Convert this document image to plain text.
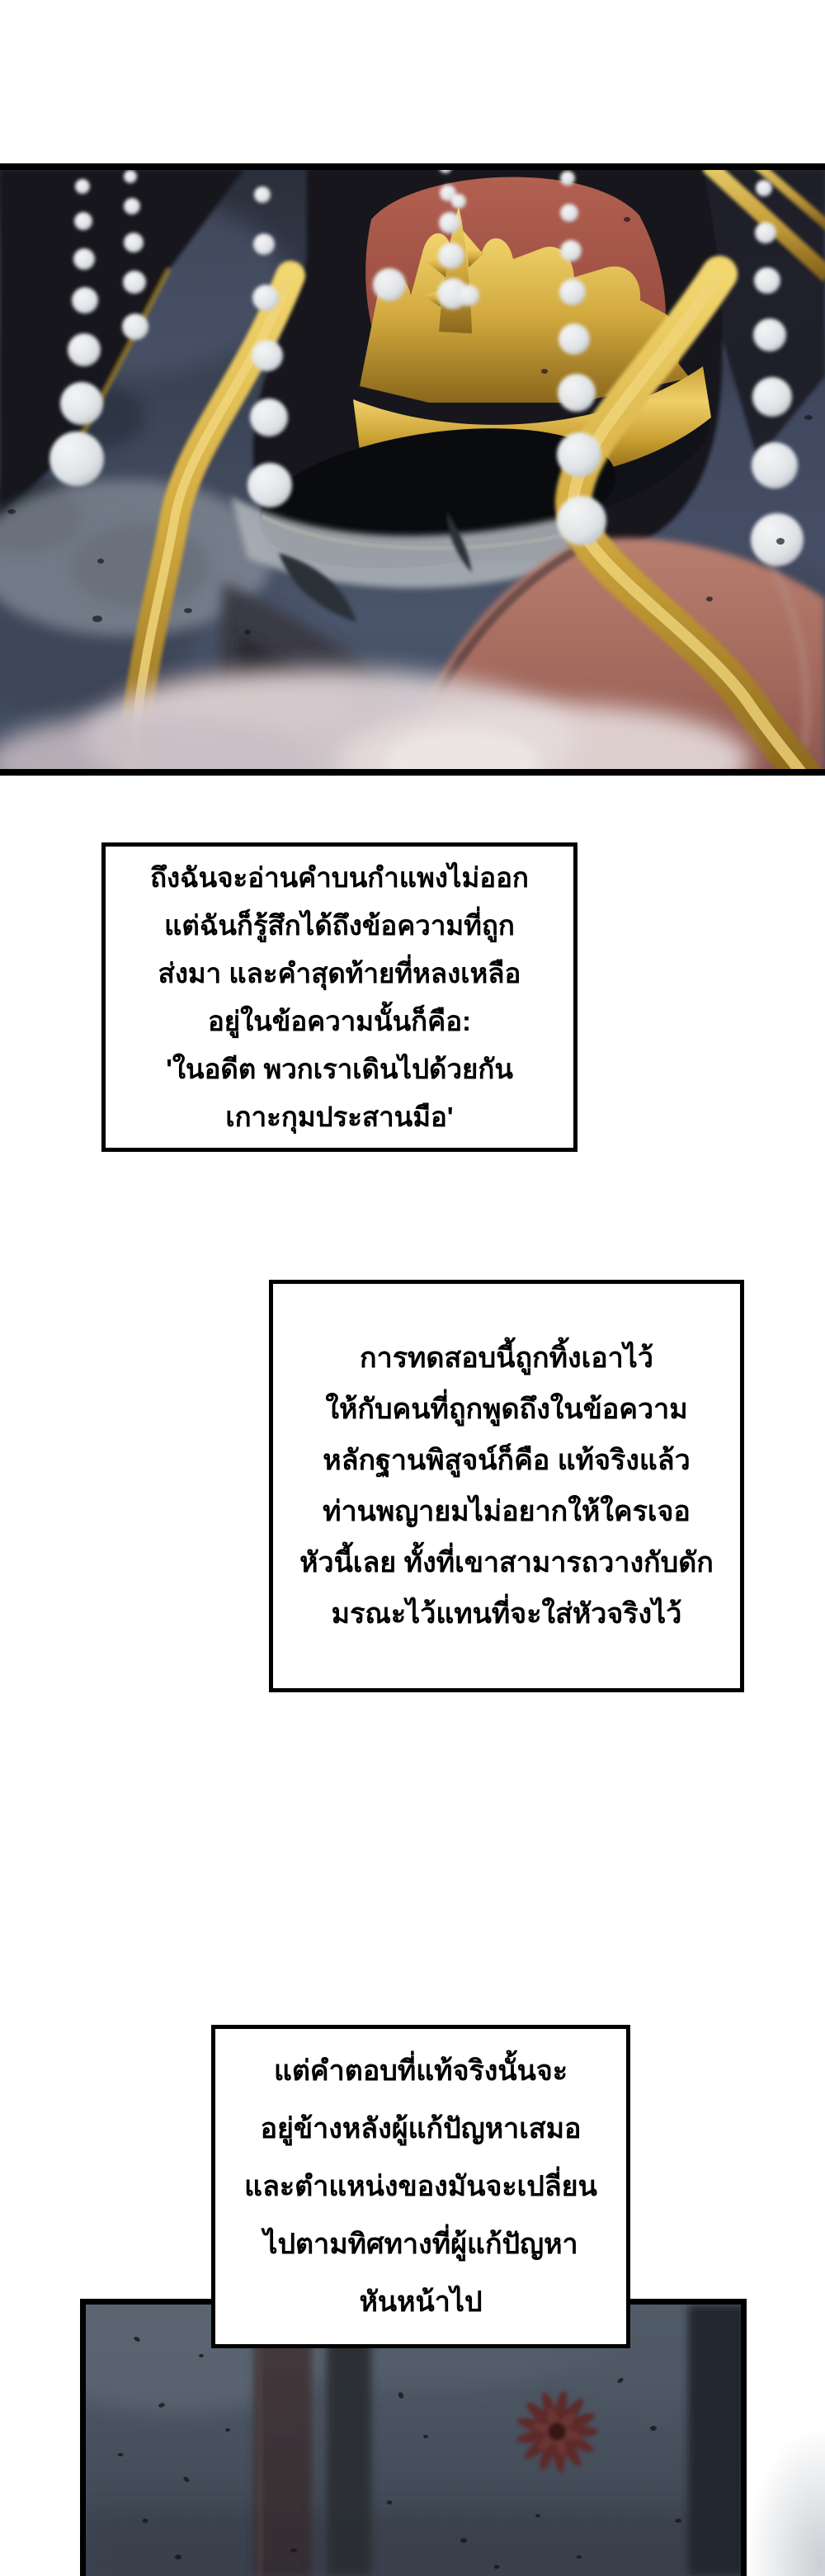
ถึงฉันจะอ่านคำบนกำแพงไม่ออก
แต่ฉันก็รู้สึกได้ถึงข้อความที่ถูก
ส่งมา และคำสุดท้ายที่หลงเหลือ
อยู่ในข้อความนั้นก็คือ:
'ในอดีต พวกเราเดินไปด้วยกัน
เกาะกุมประสานมือ'
การทดสอบนี้ถูกทิ้งเอาไว้
ให้กับคนที่ถูกพูดถึงในข้อความ
หลักฐานพิสูจน์ก็คือ แท้จริงแล้ว
ท่านพญายมไม่อยากให้ใครเจอ
หัวนี้เลย ทั้งที่เขาสามารถวางกับดัก
มรณะไว้แทนที่จะใส่หัวจริงไว้
แต่คำตอบที่แท้จริงนั้นจะ
อยู่ข้างหลังผู้แก้ปัญหาเสมอ
และตำแหน่งของมันจะเปลี่ยน
ไปตามทิศทางที่ผู้แก้ปัญหา
หันหน้าไป
